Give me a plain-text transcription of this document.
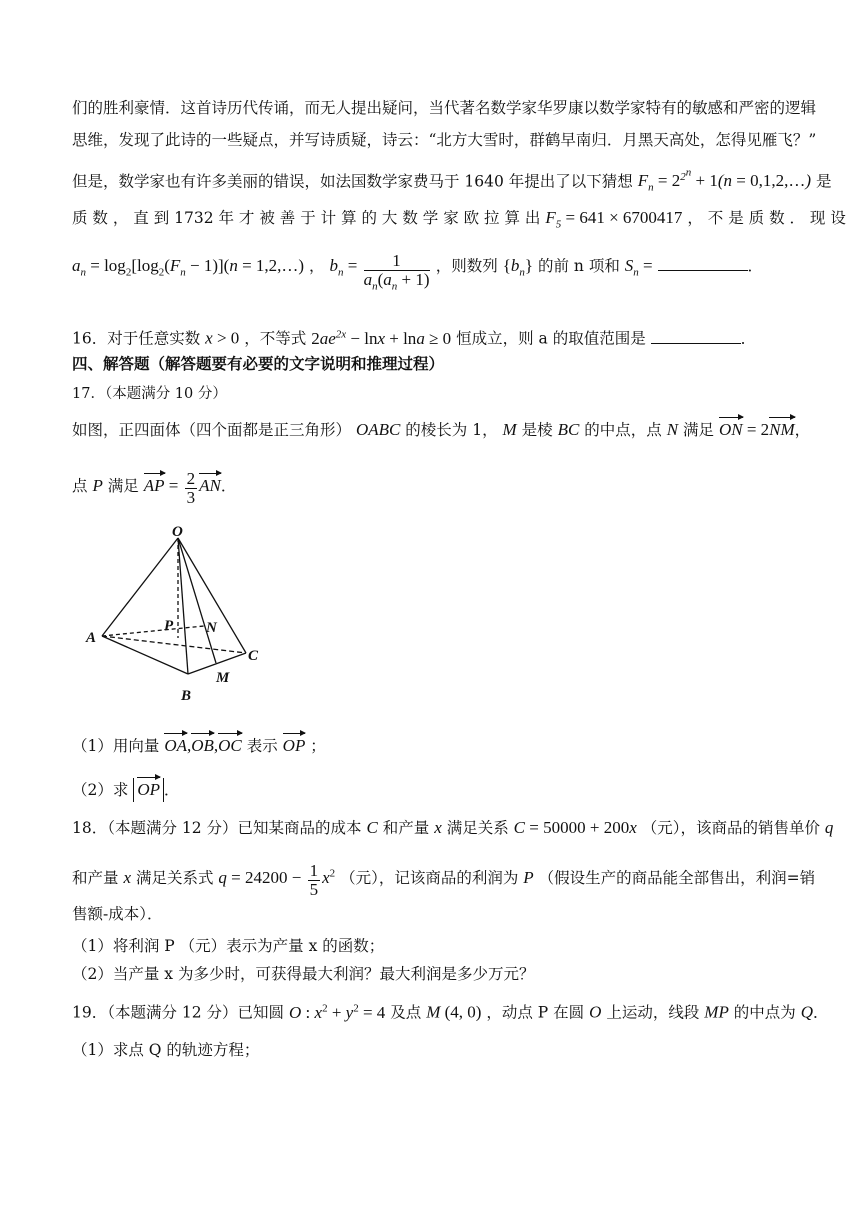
们的胜利豪情．这首诗历代传诵，而无人提出疑问，当代著名数学家华罗康以数学家特有的敏感和严密的逻辑
思维，发现了此诗的一些疑点，并写诗质疑，诗云：“北方大雪时，群鹤早南归．月黑天高处，怎得见雁飞？”
但是，数学家也有许多美丽的错误，如法国数学家费马于 1640 年提出了以下猜想 $F_n = 2^{2^n} + 1(n$ = 0,1,2,…) 是
质 数 ， 直 到 1732 年 才 被 善 于 计 算 的 大 数 学 家 欧 拉 算 出 $F_5 = 641 \times 6700417$ ， 不 是 质 数 ． 现 设
$a_n = \log_2[\log_2(F_n - 1)](n$ = 1,2,…) ， $b_n = \frac{1}{a_n(a_n + 1)}$ ，则数列 $\{b_n\}$ 的前 n 项和 $S_n$ =	．
16．对于任意实数 x > 0 ，不等式 $2ae^{2x} - \ln x + \ln a \ge 0$ 恒成立，则 a 的取值范围是	．
四、解答题（解答题要有必要的文字说明和推理过程）
17．（本题满分 10 分）
如图，正四面体（四个面都是正三角形） OABC 的棱长为 1， M 是棱 BC 的中点，点 N 满足 ON = 2NM，
点 P 满足 AP = $\frac{2}{3}$ AN．
O
A
B
C
P N
M
（1）用向量 OA,OB,OC 表示 OP ；
（2）求 OP ．
18．（本题满分 12 分）已知某商品的成本 C 和产量 x 满足关系 C = 50000 + 200x （元），该商品的销售单价 q
和产量 x 满足关系式 $q = 24200 - \frac{1}{5} x^2$ （元），记该商品的利润为 P （假设生产的商品能全部售出，利润=销
售额-成本）．
（1）将利润 P （元）表示为产量 x 的函数；
（2）当产量 x 为多少时，可获得最大利润？最大利润是多少万元？
19．（本题满分 12 分）已知圆 O : $x^2 + y^2 = 4$ 及点 M (4, 0) ，动点 P 在圆 O 上运动，线段 MP 的中点为 Q．
（1）求点 Q 的轨迹方程；
